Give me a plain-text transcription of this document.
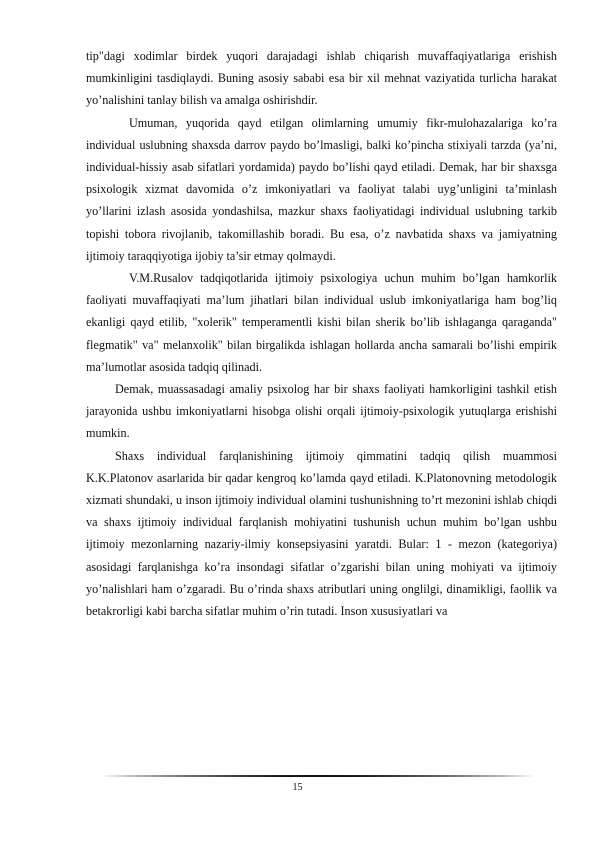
tip"dagi xodimlar birdek yuqori darajadagi ishlab chiqarish muvaffaqiyatlariga erishish mumkinligini tasdiqlaydi. Buning asosiy sababi esa bir xil mehnat vaziyatida turlicha harakat yo’nalishini tanlay bilish va amalga oshirishdir.

Umuman, yuqorida qayd etilgan olimlarning umumiy fikr-mulohazalariga ko’ra individual uslubning shaxsda darrov paydo bo’lmasligi, balki ko’pincha stixiyali tarzda (ya’ni, individual-hissiy asab sifatlari yordamida) paydo bo’lishi qayd etiladi. Demak, har bir shaxsga psixologik xizmat davomida o’z imkoniyatlari va faoliyat talabi uyg’unligini ta’minlash yo’llarini izlash asosida yondashilsa, mazkur shaxs faoliyatidagi individual uslubning tarkib topishi tobora rivojlanib, takomillashib boradi. Bu esa, o’z navbatida shaxs va jamiyatning ijtimoiy taraqqiyotiga ijobiy ta’sir etmay qolmaydi.

V.M.Rusalov tadqiqotlarida ijtimoiy psixologiya uchun muhim bo’lgan hamkorlik faoliyati muvaffaqiyati ma’lum jihatlari bilan individual uslub imkoniyatlariga ham bog’liq ekanligi qayd etilib, "xolerik" temperamentli kishi bilan sherik bo’lib ishlaganga qaraganda" flegmatik" va" melanxolik" bilan birgalikda ishlagan hollarda ancha samarali bo’lishi empirik ma’lumotlar asosida tadqiq qilinadi.

Demak, muassasadagi amaliy psixolog har bir shaxs faoliyati hamkorligini tashkil etish jarayonida ushbu imkoniyatlarni hisobga olishi orqali ijtimoiy-psixologik yutuqlarga erishishi mumkin.

Shaxs individual farqlanishining ijtimoiy qimmatini tadqiq qilish muammosi K.K.Platonov asarlarida bir qadar kengroq ko’lamda qayd etiladi. K.Platonovning metodologik xizmati shundaki, u inson ijtimoiy individual olamini tushunishning to’rt mezonini ishlab chiqdi va shaxs ijtimoiy individual farqlanish mohiyatini tushunish uchun muhim bo’lgan ushbu ijtimoiy mezonlarning nazariy-ilmiy konsepsiyasini yaratdi. Bular: 1 - mezon (kategoriya) asosidagi farqlanishga ko’ra insondagi sifatlar o’zgarishi bilan uning mohiyati va ijtimoiy yo’nalishlari ham o’zgaradi. Bu o’rinda shaxs atributlari uning onglilgi, dinamikligi, faollik va betakrorligi kabi barcha sifatlar muhim o’rin tutadi. Inson xususiyatlari va

15
